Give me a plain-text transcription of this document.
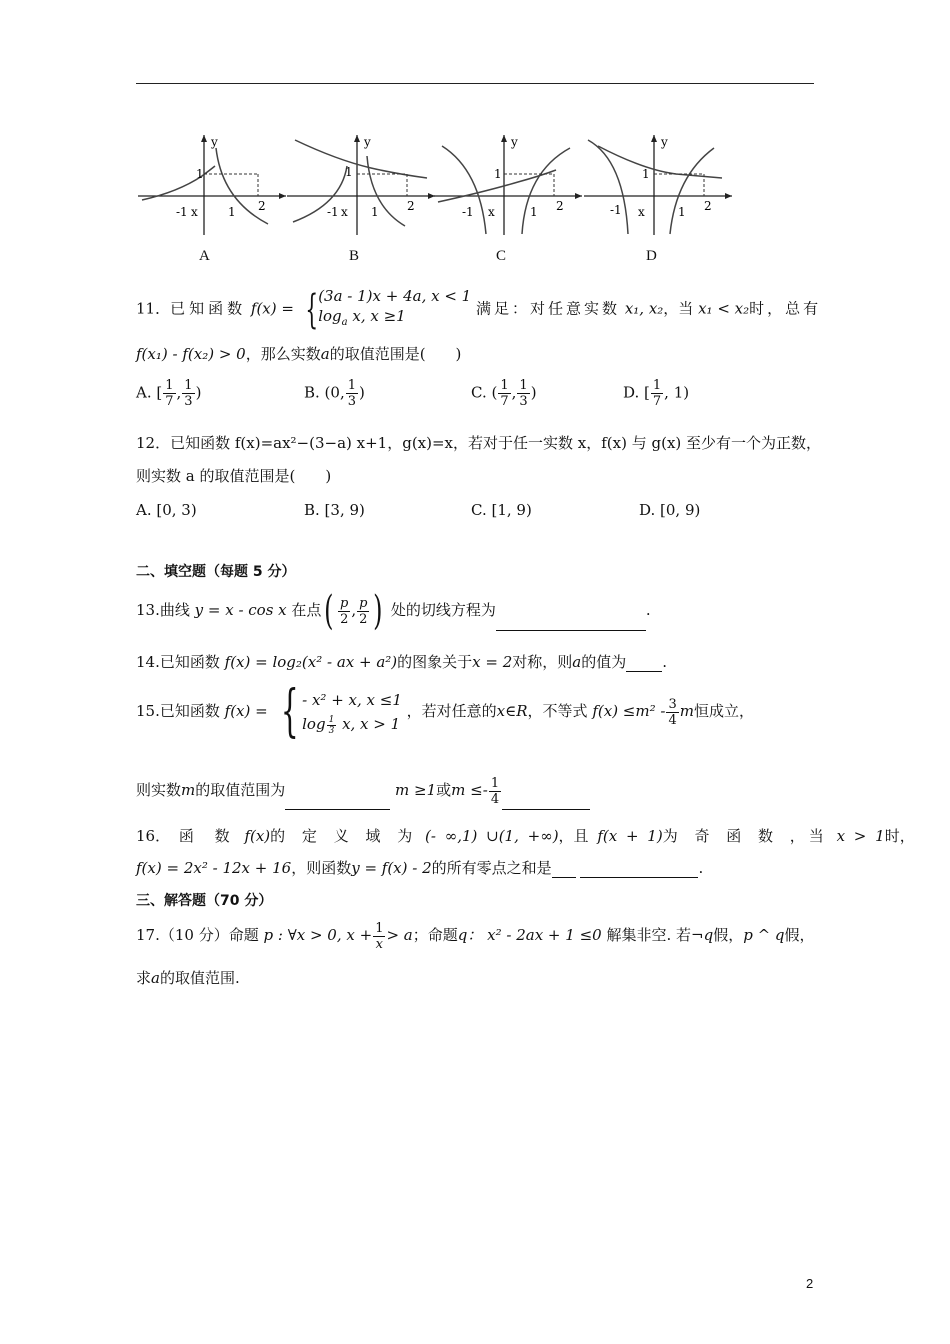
y
1
-1 x	1 2
A
y
1
-1 x 1 2
B
y
1
-1 x	1 2
C
y
1
-1 x	1 2
D
11．已知函数 f(x) = {(3a - 1)x + 4a, x < 1
$\log_a x$, x ≥1	满足：对任意实数 x₁, x₂，当 x₁ < x₂时，总有
f(x₁) - f(x₂) > 0，那么实数a的取值范围是(　　)
A. [ $\frac{1}{7}$ , $\frac{1}{3}$ )	B. (0, $\frac{1}{3}$ )	C. ( $\frac{1}{7}$ , $\frac{1}{3}$ )	D. [ $\frac{1}{7}$ , 1)
12．已知函数 f(x)=ax²−(3−a) x+1，g(x)=x，若对于任一实数 x，f(x) 与 g(x) 至少有一个为正数，
则实数 a 的取值范围是(　　)
A. [0, 3)	B. [3, 9)	C. [1, 9)	D. [0, 9)
二、填空题（每题 5 分）
13.曲线 y = x - cos x 在点( $\frac{p}{2}$ , $\frac{p}{2}$ ) 处的切线方程为	.
14.已知函数 f(x) = log₂(x² - ax + a²)的图象关于x = 2对称，则a的值为 .
15.已知函数 f(x) = { - x² + x, x ≤1
$\log \frac{1}{3} x$, x > 1 ，若对任意的x∈R，不等式 $f(x) \le m^2 - \frac{3}{4}$ m恒成立，
则实数m的取值范围为	m ≥1或$m \le- \frac{1}{4}$
16． 函 数 f(x)的 定 义 域 为 (- ∞,1) ∪(1, +∞)，且 f(x + 1)为 奇 函 数 ，当 x > 1时，
f(x) = 2x² - 12x + 16，则函数y = f(x) - 2的所有零点之和是	.
三、解答题（70 分）
17.（10 分）命题 p : ∀x > 0, $x + \frac{1}{x} > a$；命题q： x² - 2ax + 1 ≤0 解集非空. 若¬q假，p ^ q假，
求a的取值范围.
2
